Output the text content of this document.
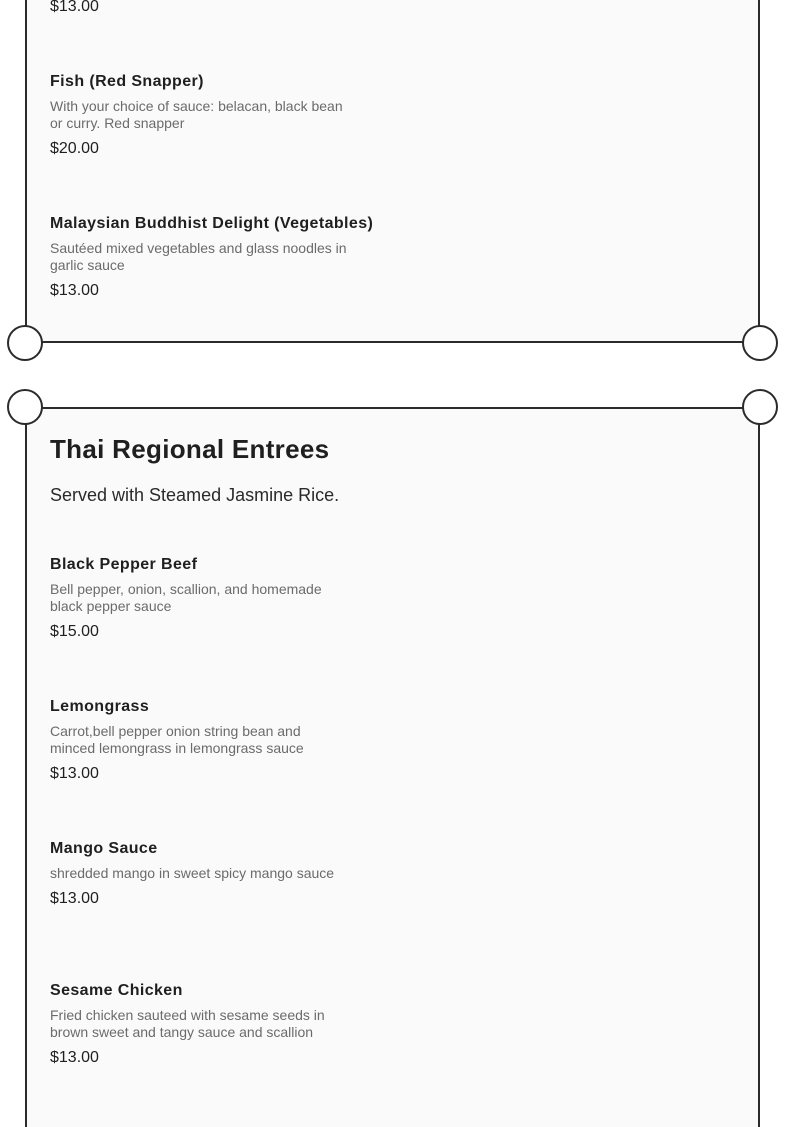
$13.00
Fish (Red Snapper)
With your choice of sauce: belacan, black bean or curry. Red snapper
$20.00
Malaysian Buddhist Delight (Vegetables)
Sautéed mixed vegetables and glass noodles in garlic sauce
$13.00
Thai Regional Entrees

Served with Steamed Jasmine Rice.

Black Pepper Beef
Bell pepper, onion, scallion, and homemade black pepper sauce
$15.00
Lemongrass
Carrot,bell pepper onion string bean and minced lemongrass in lemongrass sauce
$13.00
Mango Sauce
shredded mango in sweet spicy mango sauce
$13.00
Sesame Chicken
Fried chicken sauteed with sesame seeds in brown sweet and tangy sauce and scallion
$13.00
